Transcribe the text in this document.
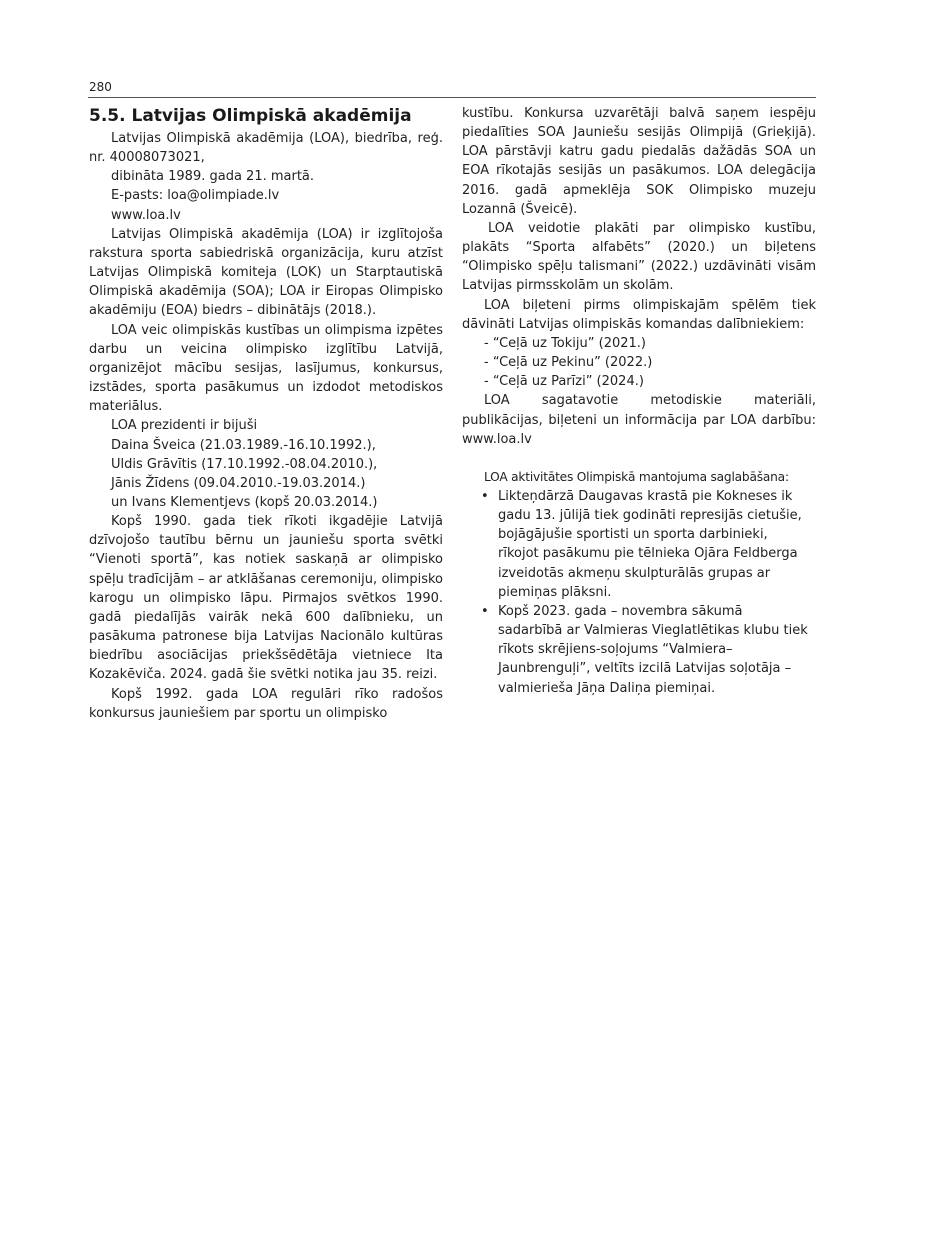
280
5.5. Latvijas Olimpiskā akadēmija

Latvijas Olimpiskā akadēmija (LOA), biedrība, reģ. nr. 40008073021,

dibināta 1989. gada 21. martā.

E-pasts: loa@olimpiade.lv

www.loa.lv

Latvijas Olimpiskā akadēmija (LOA) ir izglītojoša rakstura sporta sabiedriskā organizācija, kuru atzīst Latvijas Olimpiskā komiteja (LOK) un Starptautiskā Olimpiskā akadēmija (SOA); LOA ir Eiropas Olimpisko akadēmiju (EOA) biedrs – dibinātājs (2018.).

LOA veic olimpiskās kustības un olimpisma izpētes darbu un veicina olimpisko izglītību Latvijā, organizējot mācību sesijas, lasījumus, konkursus, izstādes, sporta pasākumus un izdodot metodiskos materiālus.

LOA prezidenti ir bijuši

Daina Šveica (21.03.1989.-16.10.1992.),

Uldis Grāvītis (17.10.1992.-08.04.2010.),

Jānis Žīdens (09.04.2010.-19.03.2014.)

un Ivans Klementjevs (kopš 20.03.2014.)

Kopš 1990. gada tiek rīkoti ikgadējie Latvijā dzīvojošo tautību bērnu un jauniešu sporta svētki “Vienoti sportā”, kas notiek saskaņā ar olimpisko spēļu tradīcijām – ar atklāšanas ceremoniju, olimpisko karogu un olimpisko lāpu. Pirmajos svētkos 1990. gadā piedalījās vairāk nekā 600 dalībnieku, un pasākuma patronese bija Latvijas Nacionālo kultūras biedrību asociācijas priekšsēdētāja vietniece Ita Kozakēviča. 2024. gadā šie svētki notika jau 35. reizi.

Kopš 1992. gada LOA regulāri rīko radošos konkursus jauniešiem par sportu un olimpisko

kustību. Konkursa uzvarētāji balvā saņem iespēju piedalīties SOA Jauniešu sesijās Olimpijā (Grieķijā). LOA pārstāvji katru gadu piedalās dažādās SOA un EOA rīkotajās sesijās un pasākumos. LOA delegācija 2016. gadā apmeklēja SOK Olimpisko muzeju Lozannā (Šveicē).

LOA veidotie plakāti par olimpisko kustību, plakāts “Sporta alfabēts” (2020.) un biļetens “Olimpisko spēļu talismani” (2022.) uzdāvināti visām Latvijas pirmsskolām un skolām.

LOA biļeteni pirms olimpiskajām spēlēm tiek dāvināti Latvijas olimpiskās komandas dalībniekiem:

- “Ceļā uz Tokiju” (2021.)

- “Ceļā uz Pekinu” (2022.)

- “Ceļā uz Parīzi” (2024.)

LOA sagatavotie metodiskie materiāli, publikācijas, biļeteni un informācija par LOA darbību: www.loa.lv

LOA aktivitātes Olimpiskā mantojuma saglabāšana:

• Likteņdārzā Daugavas krastā pie Kokneses ik gadu 13. jūlijā tiek godināti represijās cietušie, bojāgājušie sportisti un sporta darbinieki, rīkojot pasākumu pie tēlnieka Ojāra Feldberga izveidotās akmeņu skulpturālās grupas ar piemiņas plāksni.
• Kopš 2023. gada – novembra sākumā sadarbībā ar Valmieras Vieglatlētikas klubu tiek rīkots skrējiens-soļojums “Valmiera–Jaunbrenguļi”, veltīts izcilā Latvijas soļotāja – valmierieša Jāņa Daliņa piemiņai.
